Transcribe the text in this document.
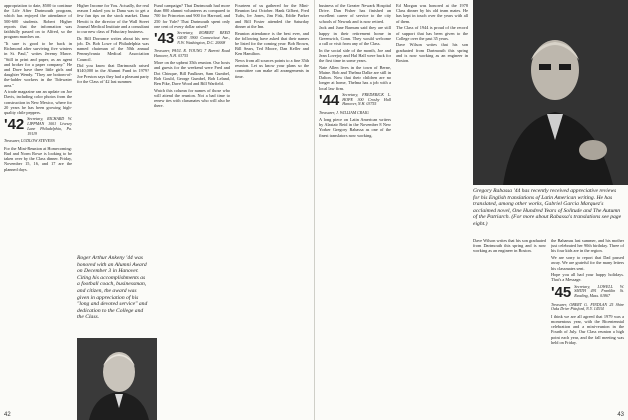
appropriation to date, $500 to continue the Life After Dartmouth program, which has enjoyed the attendance of 500-600 students. Robert Higher reports that the information was faithfully passed on to Alfred, so the program marches on.

"It sure is good to be back in Richmond after surviving five winters in St. Paul," writes Jeremy Mawe. "Still in print and paper, as an agent and broker for a paper company." He and Dave have three little girls and daughter Wendy. "They are bottom-of-the-ladder workers in the Tidewater area."

A trade magazine ran an update on Joe Davis, including color photos from the construction in New Mexico, where for 20 years he has been growing high-quality chile peppers.

'42 Secretary, RICHARD W. LIPPMAN 1001 Livesey Lane Philadelphia, Pa. 19119

Treasurer, LUDLOW STEVENS

For the Mini-Reunion at Homecoming: Bud and Norm Rowe is looking to be taken over by the Class dinner. Friday, November 15, 16, and 17 are the planned days.

Higher Income for You. Actually, the real reason I asked you to Dana was to get a few fun tips on the stock market. Dana Hewitt is the director of the Wall Street Journal Medical Institute and a consultant to our new class of Fiduciary business.

Dr. Bill Dorrance writes about his new job. Dr. Bob Lowe of Philadelphia was named chairman of the 50th annual Pennsylvania Medical Association Council.

Did you know that Dartmouth raised $140,000 in the Alumni Fund in 1979? Joe Preston says they had a pleasant party for the Class of '42 last summer.

Roger Arthur Ankeny '44 was honored with an Alumni Award on December 3 in Hanover. Citing his accomplishments as a football coach, businessman, and citizen, the award was given in appreciation of his "long and devoted service" and dedication to the College and the Class.

Fund campaign? That Dartmouth had more than 800 alumni volunteers as compared to 700 for Princeton and 900 for Harvard, and 250 for Yale? That Dartmouth spent only one cent of every dollar raised?

'43 Secretary, ROBERT REED GRAY 3900 Connecticut Ave., N.W. Washington, D.C. 20008

Treasurer, PAUL R. YOUNG 7 Barrett Road Hanover, N.H. 03755

More on the upbeat 35th reunion. Our hosts and guests for the weekend were Fred and Dot Chinque, Bill Faulkner, Sam Gumbel, Bob Gould, George Gumbel, Bob Leland, Ben Pike, Dave Wood and Bill Warfield.

Watch this column for names of those who will attend the reunion. Not a bad time to renew ties with classmates who will also be there.

Fourteen of us gathered for the Mini-Reunion last October. Hank Gilbert, Fred Tufts, Irv Jones, Jim Fisk, Eddie Parker and Bill Foster attended the Saturday dinner at the Inn.

Reunion attendance is the best ever, and the following have asked that their names be listed for the coming year: Bob Brown, Bill Sears, Ted Moore, Dan Keller and Ken Hamilton.

News from all sources points to a fine 35th reunion. Let us know your plans so the committee can make all arrangements in time.

42

business of the Greater Newark Hospital Drive. Dan Fisher has finished an excellent career of service to the city schools of Newark and is now retired.

Jack and June Barnum said they are still happy in their retirement home in Greenwich, Conn. They would welcome a call or visit from any of the Class.

In the social side of the month, Joe and Jean Lovejoy and Hal Hall were back for the first time in some years.

Nate Allen lives in the town of Berne, Maine. Bob and Thelma Dalke are still in Dalton. Now that their children are no longer at home, Thelma has a job with a local law firm.

'44 Secretary, FREDERICK L. HOPE 300 Crosby Hall Hanover, N.H. 03755

Treasurer, J. WILLIAM CRAIG

A long piece on Latin American writers by Alastair Reid in the November 8 New Yorker Gregory Rabassa as one of the finest translators now working.

Ed Morgan was honored at the 1978 Class dinner by his old team mates. He has kept in touch over the years with all of them.

The Class of 1944 is proud of the record of support that has been given to the College over the past 35 years.

Dave Wilson writes that his son graduated from Dartmouth this spring and is now working as an engineer in Boston.

Gregory Rabassa '44 has recently received appreciative reviews for his English translations of Latin American writing. He has translated, among other works, Gabriel Garcia Marquez's acclaimed novel, One Hundred Years of Solitude and The Autumn of the Patriarch. (For more about Rabassa's translations see page eight.)

the Bahamas last summer, and his mother just celebrated her 90th birthday. Three of his four kids are in the region.

We are sorry to report that Dad passed away. We are grateful for the many letters his classmates sent.

Hope you all had your happy holidays. That's a Message.

'45 Secretary, LOWELL W. SMITH 491 Franklin St. Reading, Mass. 01867

Treasurer, OBERT G. FINDLAN 25 Shire Oaks Drive Pittsford, N.Y. 14534

I think we are all agreed that 1979 was a momentous year, with the Bicentennial celebration and a mini-reunion in the Fourth of July. Our Class reunion a high point each year, and the fall meeting was held on Friday.

Dave Wilson writes that his son graduated from Dartmouth this spring and is now working as an engineer in Boston.

43
